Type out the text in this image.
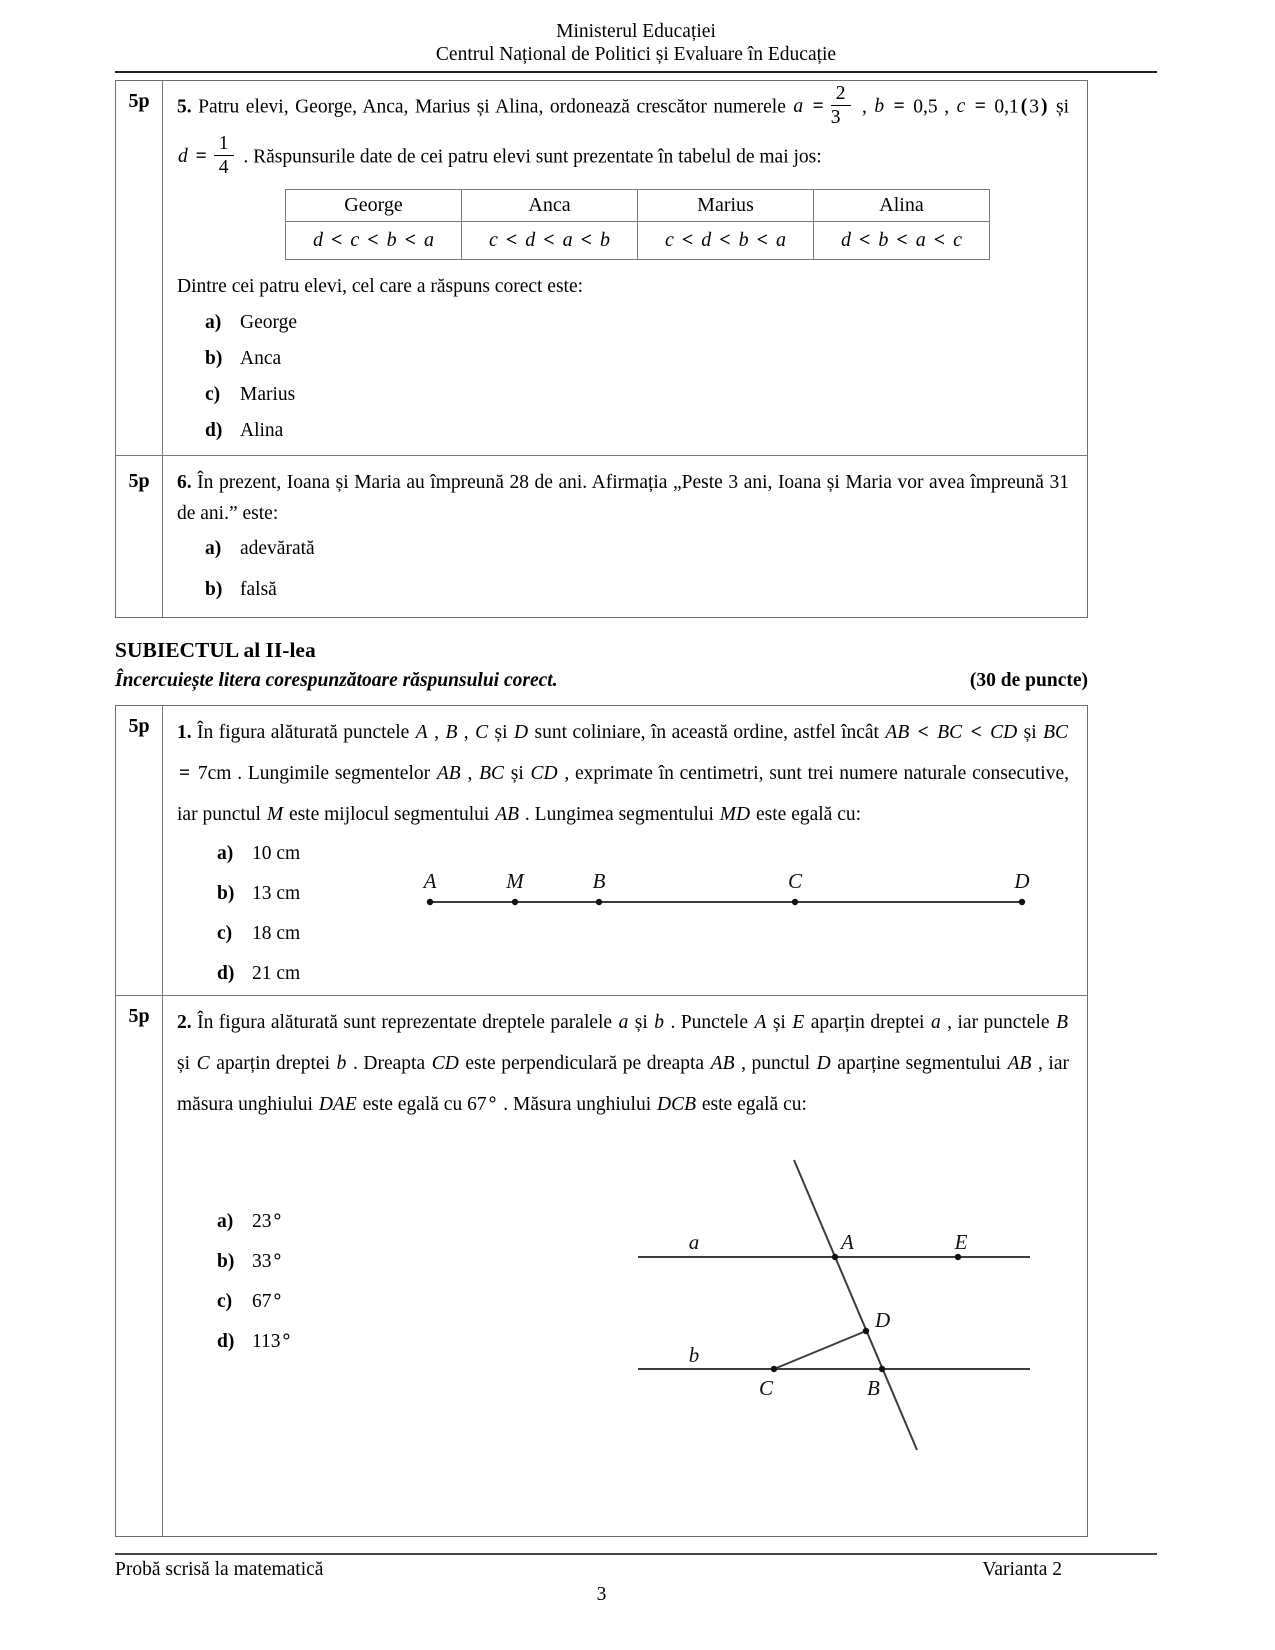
Ministerul Educației
Centrul Național de Politici și Evaluare în Educație
5p	5. Patru elevi, George, Anca, Marius și Alina, ordonează crescător numerele $a = \frac{2}{3}$ , b = 0,5 , c = 0,1 ( 3 ) și

$d = \frac{1}{4}$ . Răspunsurile date de cei patru elevi sunt prezentate în tabelul de mai jos:

George	Anca	Marius	Alina
d < c < b < a	c < d < a < b	c < d < b < a	d < b < a < c

Dintre cei patru elevi, cel care a răspuns corect este:

a) George
b) Anca
c) Marius
d) Alina
5p	6. În prezent, Ioana și Maria au împreună 28 de ani. Afirmația „Peste 3 ani, Ioana și Maria vor avea împreună 31 de ani.” este:

a) adevărată
b) falsă
SUBIECTUL al II-lea
Încercuiește litera corespunzătoare răspunsului corect.	(30 de puncte)
5p	1. În figura alăturată punctele A , B , C și D sunt coliniare, în această ordine, astfel încât AB < BC < CD și BC = 7cm . Lungimile segmentelor AB , BC și CD , exprimate în centimetri, sunt trei numere naturale consecutive, iar punctul M este mijlocul segmentului AB . Lungimea segmentului MD este egală cu:

a) 10 cm
b) 13 cm
c) 18 cm
d) 21 cm
A	M	B	C	D
5p	2. În figura alăturată sunt reprezentate dreptele paralele a și b . Punctele A și E aparțin dreptei a , iar punctele B și C aparțin dreptei b . Dreapta CD este perpendiculară pe dreapta AB , punctul D aparține segmentului AB , iar măsura unghiului DAE este egală cu 67 ° . Măsura unghiului DCB este egală cu:

a) 23 °
b) 33 °
c) 67 °
d) 113 °
a
b
A	E
D
C	B
Probă scrisă la matematică	Varianta 2
3
